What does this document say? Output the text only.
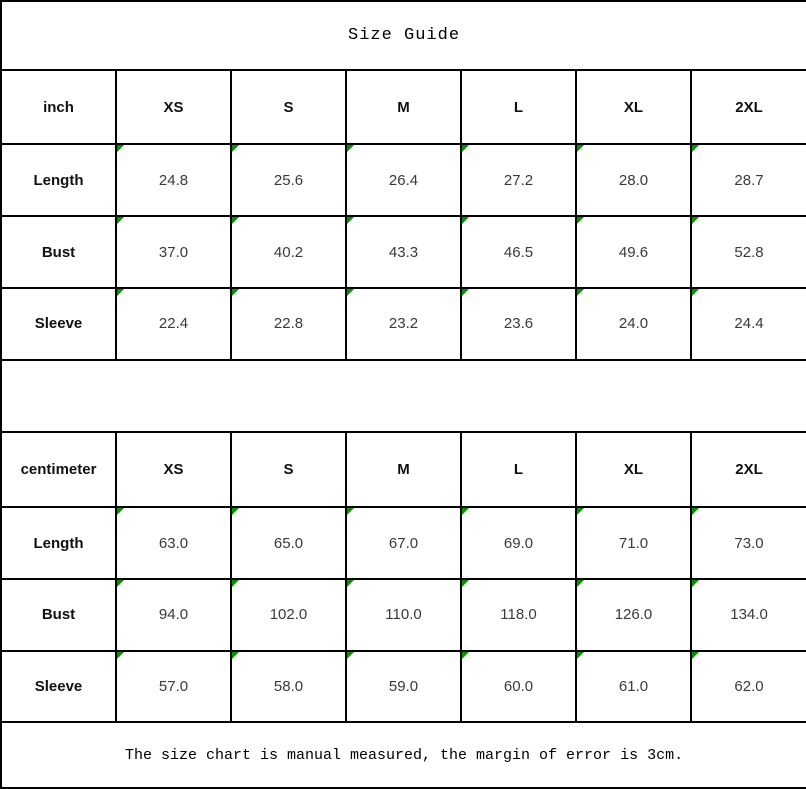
Size Guide						
inch	XS	S	M	L	XL	2XL
Length	24.8	25.6	26.4	27.2	28.0	28.7
Bust	37.0	40.2	43.3	46.5	49.6	52.8
Sleeve	22.4	22.8	23.2	23.6	24.0	24.4

centimeter	XS	S	M	L	XL	2XL
Length	63.0	65.0	67.0	69.0	71.0	73.0
Bust	94.0	102.0	110.0	118.0	126.0	134.0
Sleeve	57.0	58.0	59.0	60.0	61.0	62.0
The size chart is manual measured, the margin of error is 3cm.						
